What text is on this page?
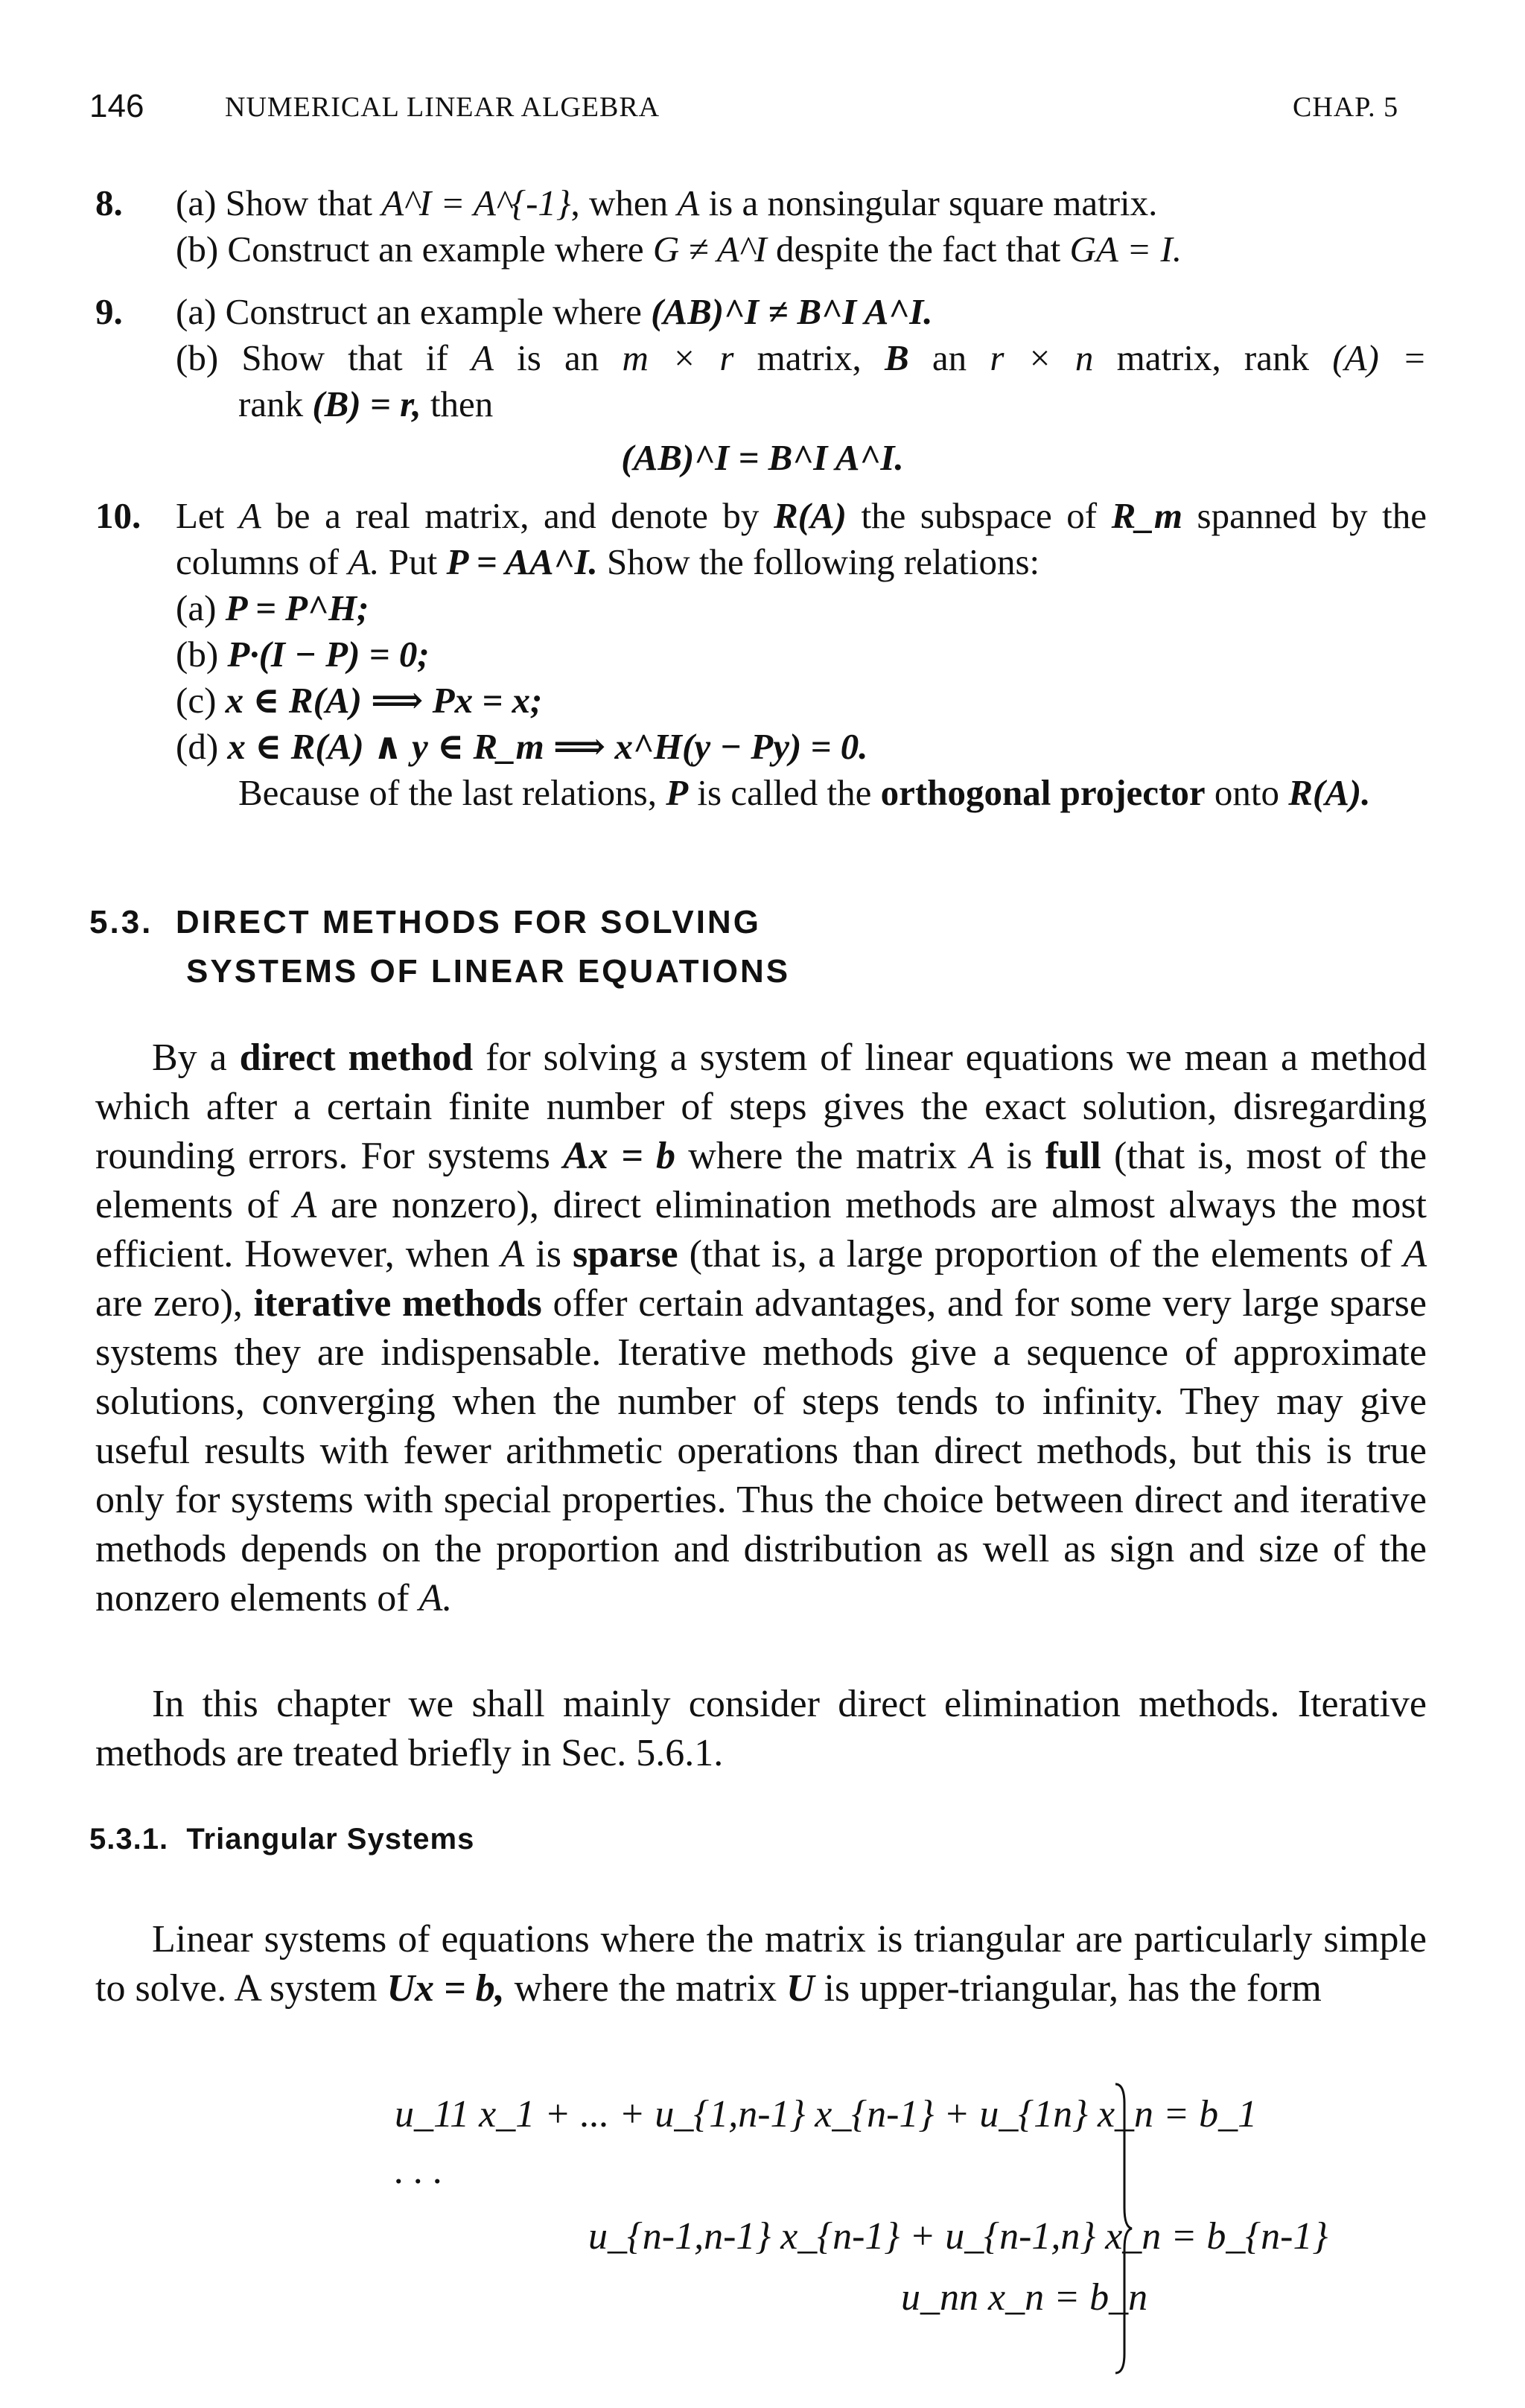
146	NUMERICAL LINEAR ALGEBRA	CHAP. 5
8. (a) Show that A^I = A^{-1}, when A is a nonsingular square matrix.
(b) Construct an example where G ≠ A^I despite the fact that GA = I.
9. (a) Construct an example where (AB)^I ≠ B^I A^I.
(b) Show that if A is an m × r matrix, B an r × n matrix, rank (A) =
rank (B) = r, then
(AB)^I = B^I A^I.
10. Let A be a real matrix, and denote by R(A) the subspace of R_m spanned by the
columns of A. Put P = AA^I. Show the following relations:
(a) P = P^H;
(b) P·(I − P) = 0;
(c) x ∈ R(A) ⟹ Px = x;
(d) x ∈ R(A) ∧ y ∈ R_m ⟹ x^H(y − Py) = 0.
Because of the last relations, P is called the orthogonal projector onto R(A).
5.3. DIRECT METHODS FOR SOLVING
SYSTEMS OF LINEAR EQUATIONS

By a direct method for solving a system of linear equations we mean a method which after a certain finite number of steps gives the exact solution, disregarding rounding errors. For systems Ax = b where the matrix A is full (that is, most of the elements of A are nonzero), direct elimination methods are almost always the most efficient. However, when A is sparse (that is, a large proportion of the elements of A are zero), iterative methods offer certain advantages, and for some very large sparse systems they are indispensable. Iterative methods give a sequence of approximate solutions, converging when the number of steps tends to infinity. They may give useful results with fewer arithmetic operations than direct methods, but this is true only for systems with special properties. Thus the choice between direct and iterative methods depends on the proportion and distribution as well as sign and size of the nonzero elements of A.

In this chapter we shall mainly consider direct elimination methods. Iterative methods are treated briefly in Sec. 5.6.1.

5.3.1. Triangular Systems

Linear systems of equations where the matrix is triangular are particularly simple to solve. A system Ux = b, where the matrix U is upper-triangular, has the form

u_11 x_1 + ... + u_{1,n-1} x_{n-1} + u_{1n} x_n = b_1
. . .
u_{n-1,n-1} x_{n-1} + u_{n-1,n} x_n = b_{n-1}
u_nn x_n = b_n
